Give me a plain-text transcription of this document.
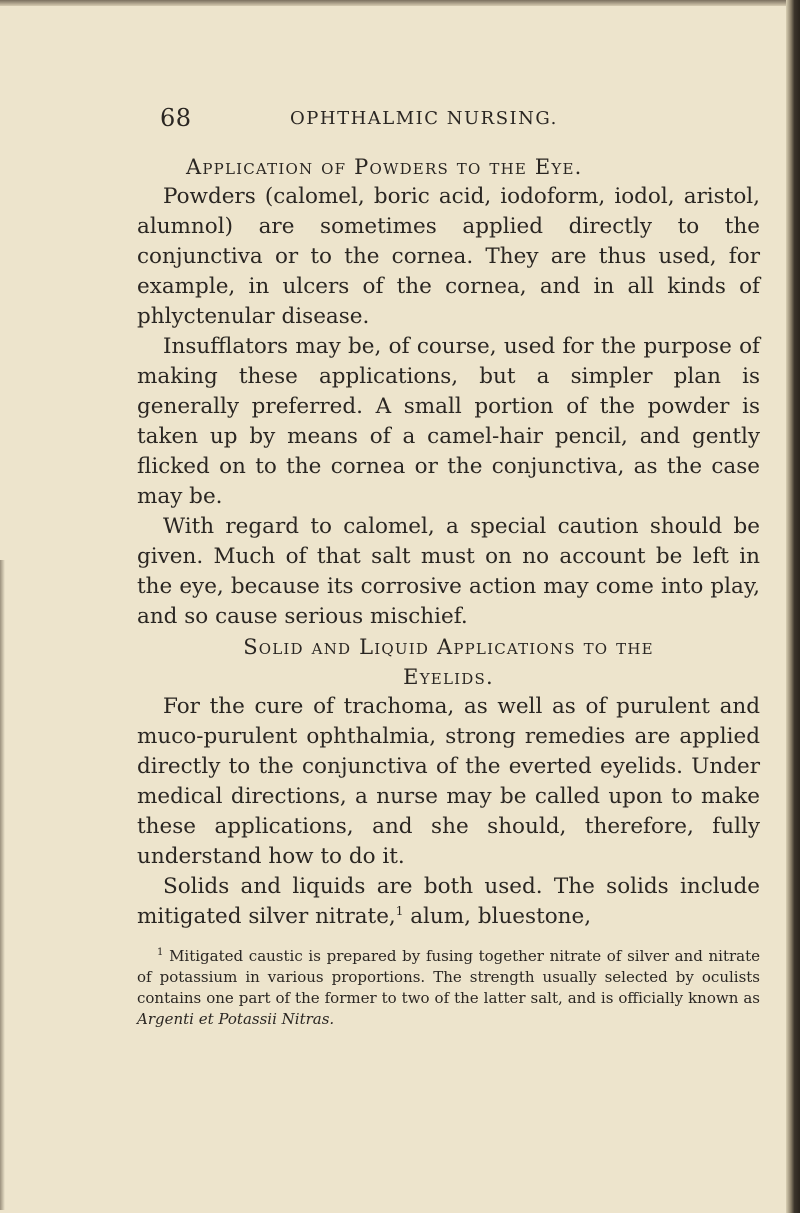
68	OPHTHALMIC NURSING.

Application of Powders to the Eye.

Powders (calomel, boric acid, iodoform, iodol, aristol, alumnol) are sometimes applied directly to the conjunctiva or to the cornea. They are thus used, for example, in ulcers of the cornea, and in all kinds of phlyctenular disease.

Insufflators may be, of course, used for the purpose of making these applications, but a simpler plan is generally preferred. A small portion of the powder is taken up by means of a camel-hair pencil, and gently flicked on to the cornea or the conjunctiva, as the case may be.

With regard to calomel, a special caution should be given. Much of that salt must on no account be left in the eye, because its corrosive action may come into play, and so cause serious mischief.

Solid and Liquid Applications to the

Eyelids.

For the cure of trachoma, as well as of purulent and muco-purulent ophthalmia, strong remedies are applied directly to the conjunctiva of the everted eyelids. Under medical directions, a nurse may be called upon to make these applications, and she should, therefore, fully understand how to do it.

Solids and liquids are both used. The solids include mitigated silver nitrate,$^1$ alum, bluestone,

$^1$ Mitigated caustic is prepared by fusing together nitrate of silver and nitrate of potassium in various proportions. The strength usually selected by oculists contains one part of the former to two of the latter salt, and is officially known as Argenti et Potassii Nitras.
